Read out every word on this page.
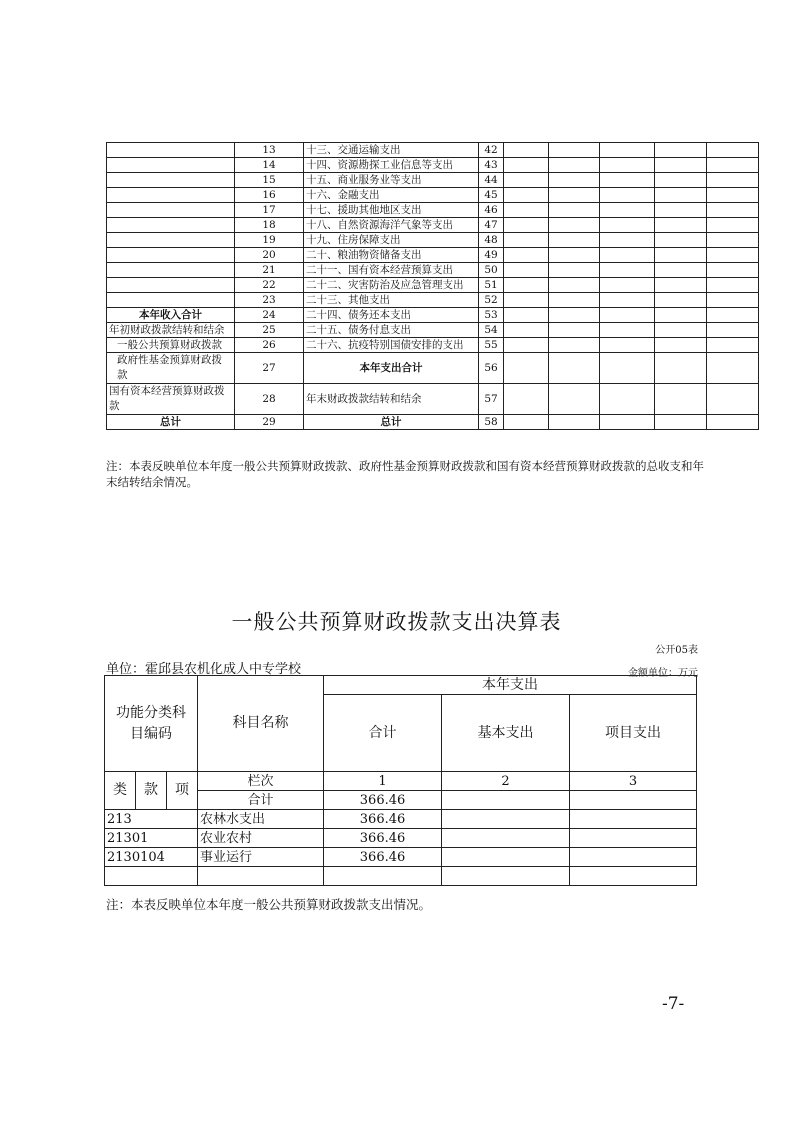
	13	十三、交通运输支出	42					
	14	十四、资源勘探工业信息等支出	43					
	15	十五、商业服务业等支出	44					
	16	十六、金融支出	45					
	17	十七、援助其他地区支出	46					
	18	十八、自然资源海洋气象等支出	47					
	19	十九、住房保障支出	48					
	20	二十、粮油物资储备支出	49					
	21	二十一、国有资本经营预算支出	50					
	22	二十二、灾害防治及应急管理支出	51					
	23	二十三、其他支出	52					
本年收入合计	24	二十四、债务还本支出	53					
年初财政拨款结转和结余	25	二十五、债务付息支出	54					
一般公共预算财政拨款	26	二十六、抗疫特别国债安排的支出	55					
政府性基金预算财政拨款	27	本年支出合计	56					
国有资本经营预算财政拨款	28	年末财政拨款结转和结余	57					
总计	29	总计	58					
注：本表反映单位本年度一般公共预算财政拨款、政府性基金预算财政拨款和国有资本经营预算财政拨款的总收支和年末结转结余情况。
一般公共预算财政拨款支出决算表
公开05表
单位：霍邱县农机化成人中专学校	金额单位：万元
功能分类科目编码			科目名称	本年支出		
				合计	基本支出	项目支出
类	款	项	栏次	1	2	3
			合计	366.46		
213			农林水支出	366.46		
21301			农业农村	366.46		
2130104			事业运行	366.46		

注：本表反映单位本年度一般公共预算财政拨款支出情况。
-7-
